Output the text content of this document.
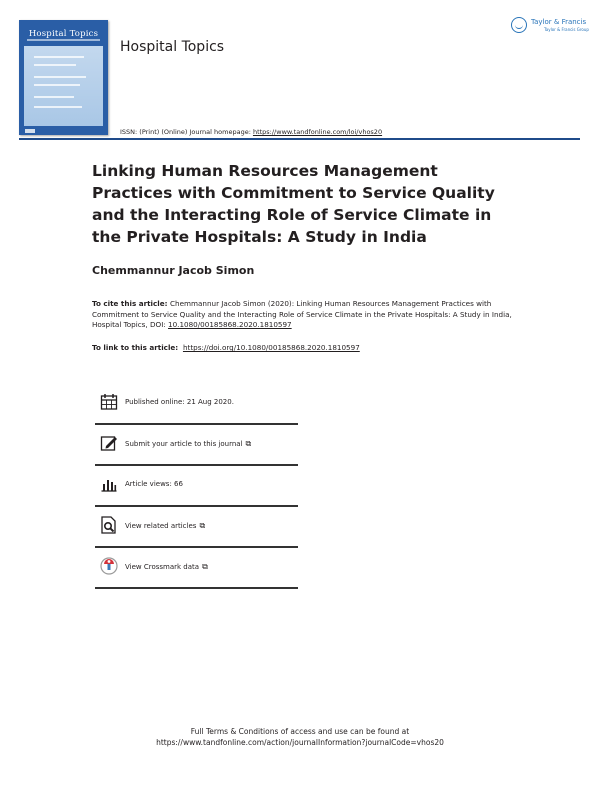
Hospital Topics
Hospital Topics
Taylor & Francis
Taylor & Francis Group
ISSN: (Print) (Online) Journal homepage: https://www.tandfonline.com/loi/vhos20
Linking Human Resources Management Practices with Commitment to Service Quality and the Interacting Role of Service Climate in the Private Hospitals: A Study in India
Chemmannur Jacob Simon
To cite this article: Chemmannur Jacob Simon (2020): Linking Human Resources Management Practices with Commitment to Service Quality and the Interacting Role of Service Climate in the Private Hospitals: A Study in India, Hospital Topics, DOI: 10.1080/00185868.2020.1810597
To link to this article:  https://doi.org/10.1080/00185868.2020.1810597
Published online: 21 Aug 2020.
Submit your article to this journal ⧉
Article views: 66
View related articles ⧉
View Crossmark data ⧉
Full Terms & Conditions of access and use can be found at
https://www.tandfonline.com/action/journalInformation?journalCode=vhos20
